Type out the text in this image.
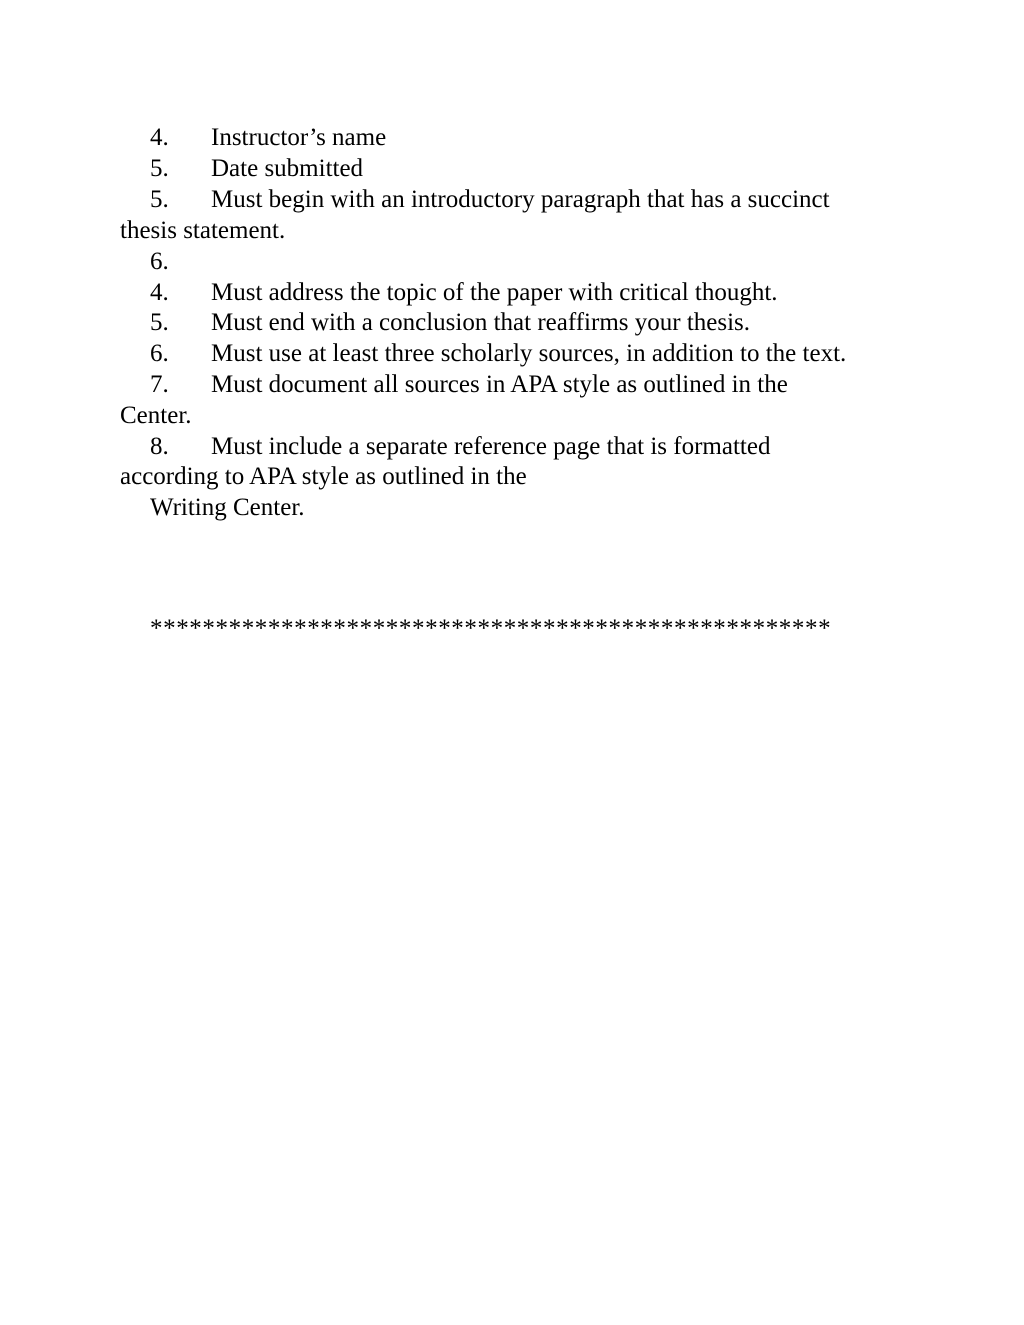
4. Instructor’s name
5. Date submitted
5. Must begin with an introductory paragraph that has a succinct
thesis statement.
6.
4. Must address the topic of the paper with critical thought.
5. Must end with a conclusion that reaffirms your thesis.
6. Must use at least three scholarly sources, in addition to the text.
7. Must document all sources in APA style as outlined in the
Center.
8. Must include a separate reference page that is formatted
according to APA style as outlined in the
Writing Center.
****************************************************
